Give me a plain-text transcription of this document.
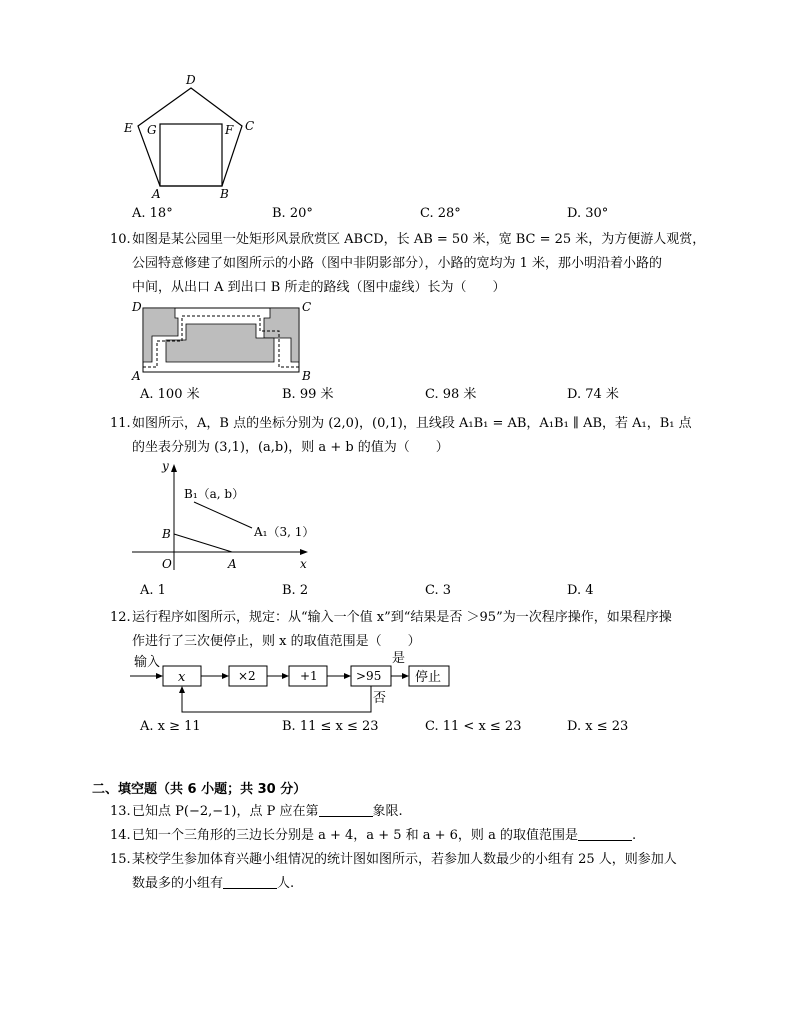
D
E G	F C
A	B
A. 18°	B. 20°	C. 28°	D. 30°
10.如图是某公园里一处矩形风景欣赏区 ABCD，长 AB = 50 米，宽 BC = 25 米，为方便游人观赏，
公园特意修建了如图所示的小路（图中非阴影部分），小路的宽均为 1 米，那小明沿着小路的
中间，从出口 A 到出口 B 所走的路线（图中虚线）长为（　　）
D	C
A	B
A. 100 米	B. 99 米	C. 98 米	D. 74 米
11.如图所示，A，B 点的坐标分别为 (2,0)，(0,1)，且线段 A₁B₁ = AB，A₁B₁ ∥ AB，若 A₁，B₁ 点
的坐表分别为 (3,1)，(a,b)，则 a + b 的值为（　　）
y
x
O	A
B
B₁（a, b）
A₁（3, 1）
A. 1	B. 2	C. 3	D. 4
12.运行程序如图所示，规定：从“输入一个值 x”到“结果是否 ＞95”为一次程序操作，如果程序操
作进行了三次便停止，则 x 的取值范围是（　　）
输入
x	×2	+1	>95
是
停止
否
A. x ≥ 11	B. 11 ≤ x ≤ 23	C. 11 < x ≤ 23	D. x ≤ 23
二、填空题（共 6 小题；共 30 分）
13.已知点 P(−2,−1)，点 P 应在第	象限.
14.已知一个三角形的三边长分别是 a + 4，a + 5 和 a + 6，则 a 的取值范围是	.
15.某校学生参加体育兴趣小组情况的统计图如图所示，若参加人数最少的小组有 25 人，则参加人
数最多的小组有	人.
